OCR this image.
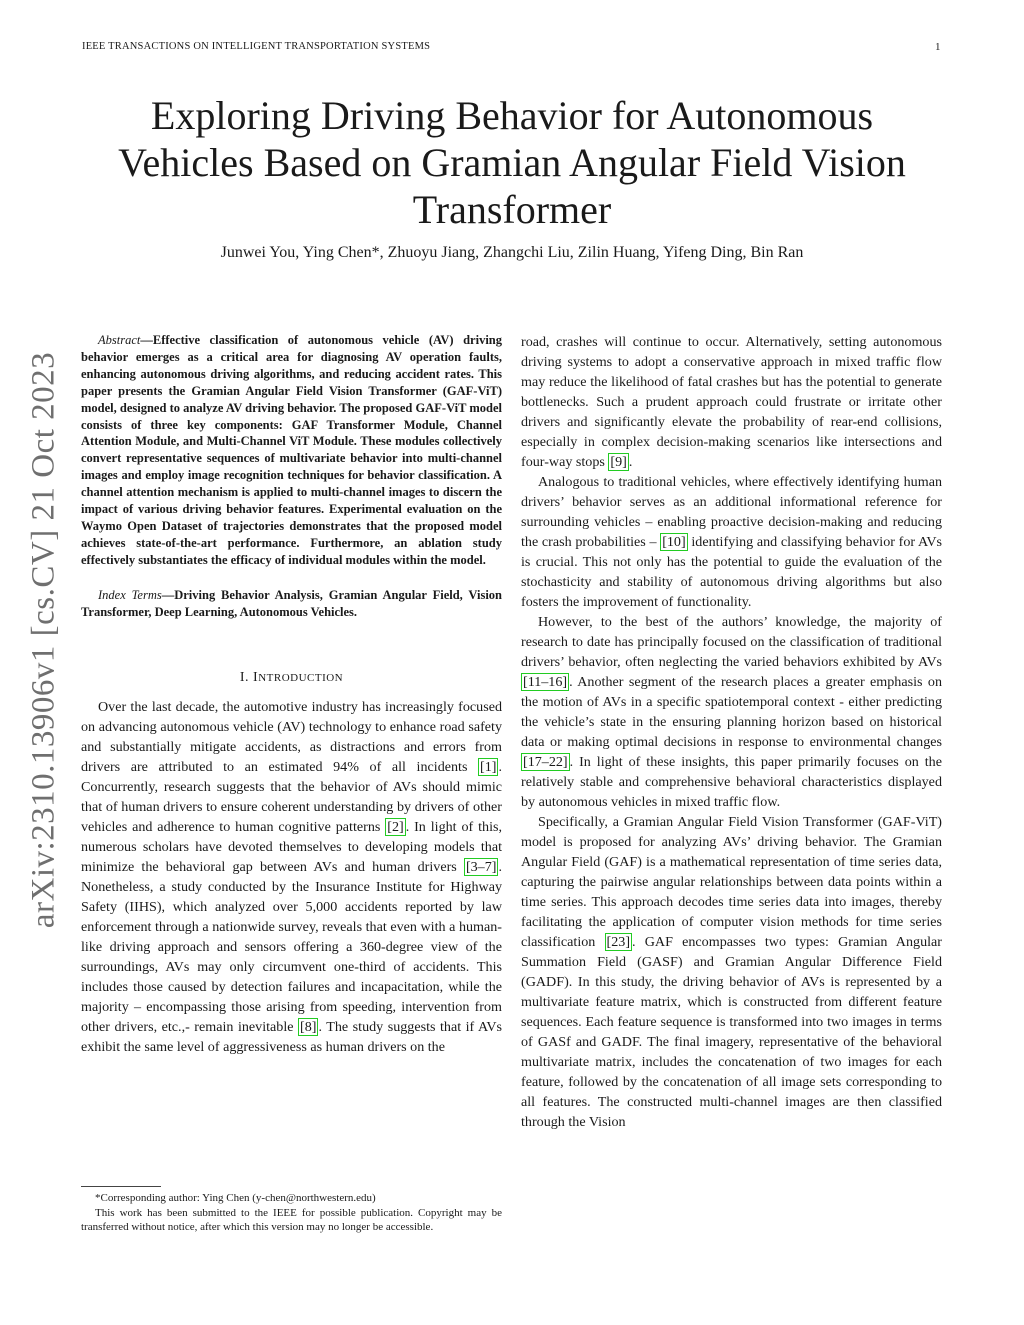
IEEE TRANSACTIONS ON INTELLIGENT TRANSPORTATION SYSTEMS	1
arXiv:2310.13906v1 [cs.CV] 21 Oct 2023
Exploring Driving Behavior for Autonomous Vehicles Based on Gramian Angular Field Vision Transformer
Junwei You, Ying Chen*, Zhuoyu Jiang, Zhangchi Liu, Zilin Huang, Yifeng Ding, Bin Ran

Abstract—Effective classification of autonomous vehicle (AV) driving behavior emerges as a critical area for diagnosing AV operation faults, enhancing autonomous driving algorithms, and reducing accident rates. This paper presents the Gramian Angular Field Vision Transformer (GAF-ViT) model, designed to analyze AV driving behavior. The proposed GAF-ViT model consists of three key components: GAF Transformer Module, Channel Attention Module, and Multi-Channel ViT Module. These modules collectively convert representative sequences of multivariate behavior into multi-channel images and employ image recognition techniques for behavior classification. A channel attention mechanism is applied to multi-channel images to discern the impact of various driving behavior features. Experimental evaluation on the Waymo Open Dataset of trajectories demonstrates that the proposed model achieves state-of-the-art performance. Furthermore, an ablation study effectively substantiates the efficacy of individual modules within the model.

Index Terms—Driving Behavior Analysis, Gramian Angular Field, Vision Transformer, Deep Learning, Autonomous Vehicles.

I. INTRODUCTION

Over the last decade, the automotive industry has increasingly focused on advancing autonomous vehicle (AV) technology to enhance road safety and substantially mitigate accidents, as distractions and errors from drivers are attributed to an estimated 94% of all incidents [1] . Concurrently, research suggests that the behavior of AVs should mimic that of human drivers to ensure coherent understanding by drivers of other vehicles and adherence to human cognitive patterns [2] . In light of this, numerous scholars have devoted themselves to developing models that minimize the behavioral gap between AVs and human drivers [3–7] . Nonetheless, a study conducted by the Insurance Institute for Highway Safety (IIHS), which analyzed over 5,000 accidents reported by law enforcement through a nationwide survey, reveals that even with a human-like driving approach and sensors offering a 360-degree view of the surroundings, AVs may only circumvent one-third of accidents. This includes those caused by detection failures and incapacitation, while the majority – encompassing those arising from speeding, intervention from other drivers, etc.,- remain inevitable [8] . The study suggests that if AVs exhibit the same level of aggressiveness as human drivers on the

road, crashes will continue to occur. Alternatively, setting autonomous driving systems to adopt a conservative approach in mixed traffic flow may reduce the likelihood of fatal crashes but has the potential to generate bottlenecks. Such a prudent approach could frustrate or irritate other drivers and significantly elevate the probability of rear-end collisions, especially in complex decision-making scenarios like intersections and four-way stops [9] .

Analogous to traditional vehicles, where effectively identifying human drivers’ behavior serves as an additional informational reference for surrounding vehicles – enabling proactive decision-making and reducing the crash probabilities – [10] identifying and classifying behavior for AVs is crucial. This not only has the potential to guide the evaluation of the stochasticity and stability of autonomous driving algorithms but also fosters the improvement of functionality.

However, to the best of the authors’ knowledge, the majority of research to date has principally focused on the classification of traditional drivers’ behavior, often neglecting the varied behaviors exhibited by AVs [11–16] . Another segment of the research places a greater emphasis on the motion of AVs in a specific spatiotemporal context - either predicting the vehicle’s state in the ensuring planning horizon based on historical data or making optimal decisions in response to environmental changes [17–22] . In light of these insights, this paper primarily focuses on the relatively stable and comprehensive behavioral characteristics displayed by autonomous vehicles in mixed traffic flow.

Specifically, a Gramian Angular Field Vision Transformer (GAF-ViT) model is proposed for analyzing AVs’ driving behavior. The Gramian Angular Field (GAF) is a mathematical representation of time series data, capturing the pairwise angular relationships between data points within a time series. This approach decodes time series data into images, thereby facilitating the application of computer vision methods for time series classification [23] . GAF encompasses two types: Gramian Angular Summation Field (GASF) and Gramian Angular Difference Field (GADF). In this study, the driving behavior of AVs is represented by a multivariate feature matrix, which is constructed from different feature sequences. Each feature sequence is transformed into two images in terms of GASf and GADF. The final imagery, representative of the behavioral multivariate matrix, includes the concatenation of two images for each feature, followed by the concatenation of all image sets corresponding to all features. The constructed multi-channel images are then classified through the Vision

*Corresponding author: Ying Chen (y-chen@northwestern.edu)

This work has been submitted to the IEEE for possible publication. Copyright may be transferred without notice, after which this version may no longer be accessible.
